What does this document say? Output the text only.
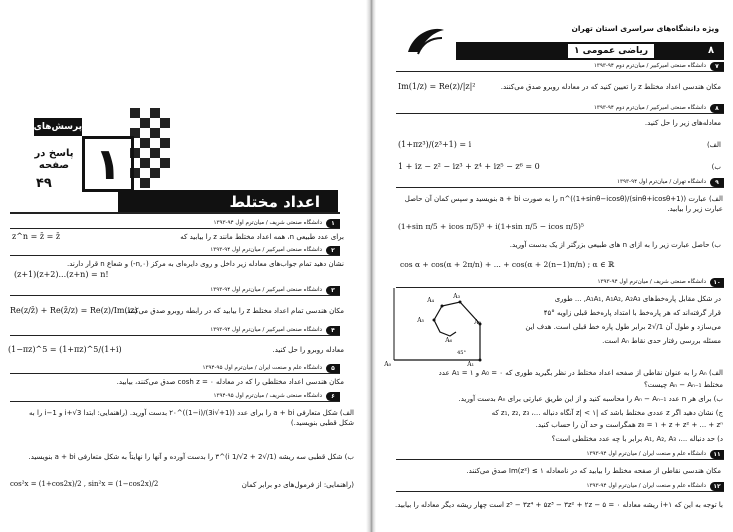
پرسش‌های فصل
پاسخ در صفحه
۴۹ ۱
اعداد مختلط
۱
دانشگاه صنعتی شریف / میان‌ترم اول ۹۴-۱۳۹۳
برای عدد طبیعی n، همه اعداد مختلط مانند z را بیابید که
z^n = z̄ = z̄
۲
دانشگاه صنعتی امیرکبیر / میان‌ترم اول ۹۴-۱۳۹۳
نشان دهید تمام جواب‌های معادله زیر داخل و روی دایره‌ای به مرکز (n,۰-) و شعاع n قرار دارند.
(z+1)(z+2)...(z+n) = n!
۳
دانشگاه صنعتی امیرکبیر / میان‌ترم اول ۹۴-۱۳۹۳
مکان هندسی تمام اعداد مختلط z را بیابید که در رابطه روبرو صدق می‌کنند.
Re(z/z̄) + Re(z̄/z) = Re(z)/Im(iz)
۴
دانشگاه صنعتی امیرکبیر / میان‌ترم اول ۹۴-۱۳۹۳
معادله روبرو را حل کنید.
(1−πz)^5 = (1+πz)^5/(1+i)
۵
دانشگاه علم و صنعت ایران / میان‌ترم اول ۹۵-۱۳۹۴
مکان هندسی اعداد مختلطی را که در معادله cosh z = ۰ صدق می‌کنند، بیابید.
۶
دانشگاه صنعتی شریف / میان‌ترم اول ۹۵-۱۳۹۴
الف) شکل متعارفی a + bi را برای عدد ((1+√3i)/(1−i))^۲۰ بدست آورید. (راهنمایی: ابتدا i+√3 و 1−i را به شکل قطبی بنویسید.)
ب) شکل قطبی سه ریشه (1/√2 + i 1/√2)^۳ را بدست آورده و آنها را نهایتاً به شکل متعارفی a + bi بنویسید.
cos²x = (1+cos2x)/2 , sin²x = (1−cos2x)/2	(راهنمایی: از فرمول‌های دو برابر کمان
ویژه دانشگاه‌های سراسری استان تهران
ریاضی عمومی ۱	۸
۷
دانشگاه صنعتی امیرکبیر / میان‌ترم دوم ۹۴-۱۳۹۳
مکان هندسی اعداد مختلط z را تعیین کنید که در معادله روبرو صدق می‌کنند.
Im(1/z) = Re(z)/|z|²
۸
دانشگاه صنعتی امیرکبیر / میان‌ترم دوم ۹۴-۱۳۹۳
معادله‌های زیر را حل کنید.
الف)
(1+πz³)/(z³+1) = i
ب)
1 + iz − z² − iz³ + z⁴ + iz⁵ − z⁶ = 0
۹
دانشگاه تهران / میان‌ترم اول ۹۴-۱۳۹۳
الف) عبارت ((1+sinθ+icosθ)/(1+sinθ−icosθ))^n را به صورت a + bi بنویسید و سپس کمان آن حاصل عبارت زیر را بیابید.
(1+sin π/5 + icos π/5)⁵ + i(1+sin π/5 − icos π/5)⁵
ب) حاصل عبارت زیر را به ازای n های طبیعی بزرگتر از یک بدست آورید.
cos α + cos(α + 2π/n) + ... + cos(α + 2(n−1)π/n) ; α ∈ ℝ
۱۰
دانشگاه صنعتی شریف / میان‌ترم اول ۹۴-۱۳۹۳
در شکل مقابل پاره‌خط‌های A₁A₁, A₁A₂, A₂A₃, ... طوری
قرار گرفته‌اند که هر پاره‌خط با امتداد پاره‌خط قبلی زاویه °۴۵
می‌سازد و طول آن 1/√2 برابر طول پاره خط قبلی است. هدف این
مسئله بررسی رفتار حدی نقاط Aₙ است.
A₀	A₁
A₂
A₃
A₄
A₅
A₆
45°
الف) Aₙ را به عنوان نقاطی از صفحه اعداد مختلط در نظر بگیرید طوری که A₀ = ۰ و A₁ = ۱ عدد
مختلط Aₙ − Aₙ₋₁ چیست؟
ب) برای هر n عدد Aₙ − Aₙ₋₁ را محاسبه کنید و از این طریق عبارتی برای Aₙ بدست آورید.
ج) نشان دهید اگر z عددی مختلط باشد که |z| < ۱ آنگاه دنباله ...، z₁, z₂, z₃ که
z₀ = ۱ + z + z² + ... + zⁿ همگراست و حد آن را حساب کنید.
د) حد دنباله ...، A₁, A₂, A₃ برابر با چه عدد مختلطی است؟
۱۱
دانشگاه علم و صنعت ایران / میان‌ترم اول ۹۴-۱۳۹۳
مکان هندسی نقاطی از صفحه مختلط را بیابید که در نامعادله Im(z²) ≤ ۱ صدق می‌کنند.
۱۲
دانشگاه علم و صنعت ایران / میان‌ترم اول ۹۴-۱۳۹۳
با توجه به این که ۱+i ریشه معادله z⁵ − ۳z⁴ + ۵z³ − ۳z² + ۲z − ۵ = ۰ است چهار ریشه دیگر معادله را بیابید.
